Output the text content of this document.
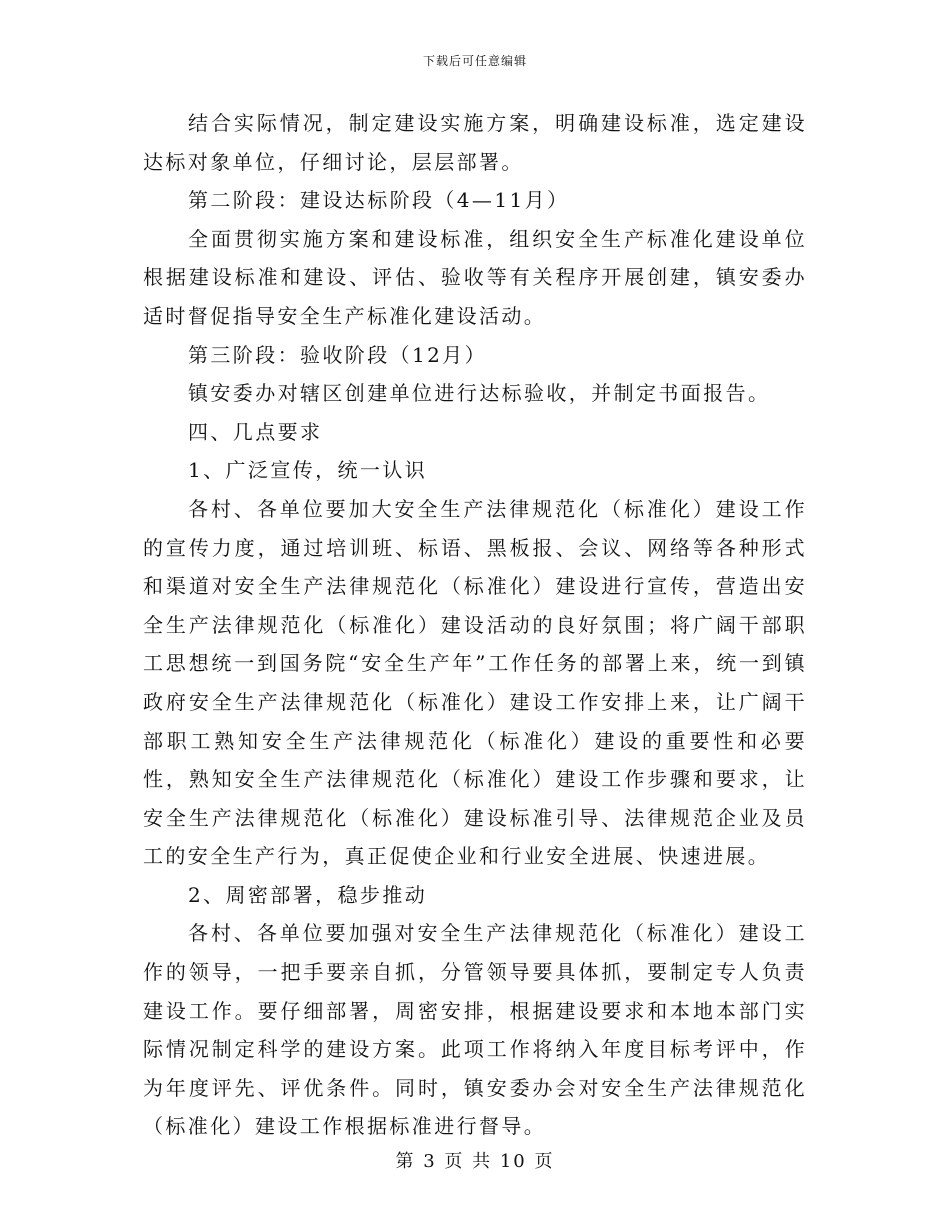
下载后可任意编辑

结合实际情况，制定建设实施方案，明确建设标准，选定建设达标对象单位，仔细讨论，层层部署。

第二阶段：建设达标阶段（4—11月）

全面贯彻实施方案和建设标准，组织安全生产标准化建设单位根据建设标准和建设、评估、验收等有关程序开展创建，镇安委办适时督促指导安全生产标准化建设活动。

第三阶段：验收阶段（12月）

镇安委办对辖区创建单位进行达标验收，并制定书面报告。

四、几点要求

1、广泛宣传，统一认识

各村、各单位要加大安全生产法律规范化（标准化）建设工作的宣传力度，通过培训班、标语、黑板报、会议、网络等各种形式和渠道对安全生产法律规范化（标准化）建设进行宣传，营造出安全生产法律规范化（标准化）建设活动的良好氛围；将广阔干部职工思想统一到国务院“安全生产年”工作任务的部署上来，统一到镇政府安全生产法律规范化（标准化）建设工作安排上来，让广阔干部职工熟知安全生产法律规范化（标准化）建设的重要性和必要性，熟知安全生产法律规范化（标准化）建设工作步骤和要求，让安全生产法律规范化（标准化）建设标准引导、法律规范企业及员工的安全生产行为，真正促使企业和行业安全进展、快速进展。

2、周密部署，稳步推动

各村、各单位要加强对安全生产法律规范化（标准化）建设工作的领导，一把手要亲自抓，分管领导要具体抓，要制定专人负责建设工作。要仔细部署，周密安排，根据建设要求和本地本部门实际情况制定科学的建设方案。此项工作将纳入年度目标考评中，作为年度评先、评优条件。同时，镇安委办会对安全生产法律规范化（标准化）建设工作根据标准进行督导。

第 3 页 共 10 页
